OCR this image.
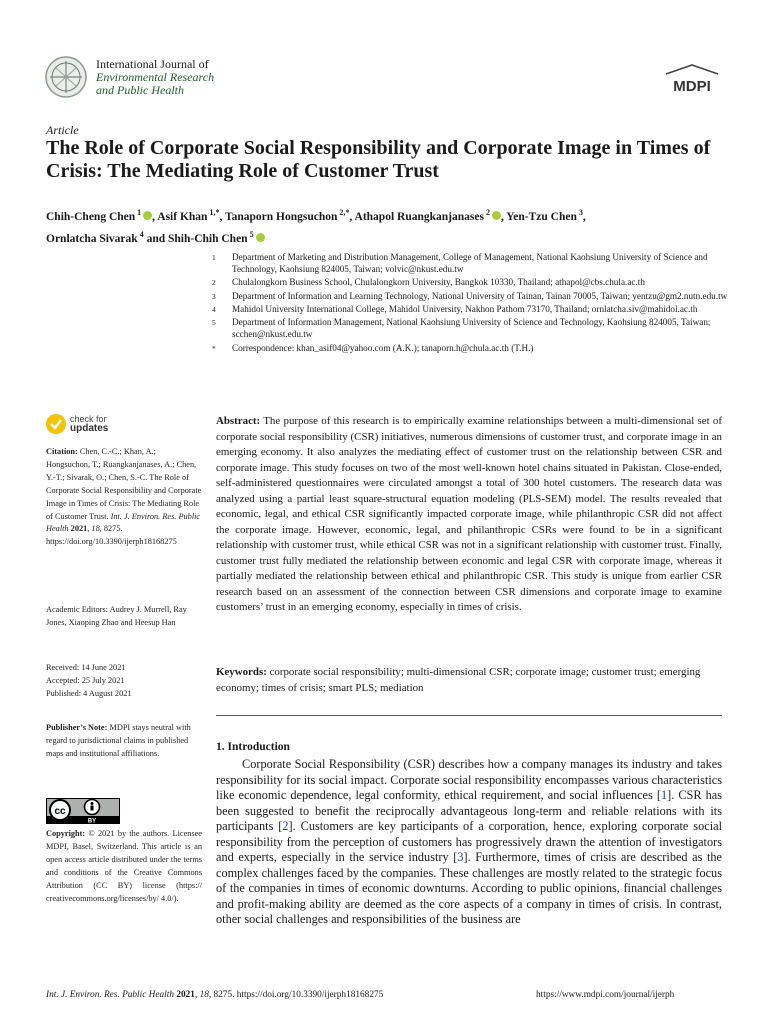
International Journal of
Environmental Research
and Public Health	MDPI
Article
The Role of Corporate Social Responsibility and Corporate Image in Times of Crisis: The Mediating Role of Customer Trust
Chih-Cheng Chen $^1$ , Asif Khan $^{1,*}$, Tanaporn Hongsuchon $^{2,*}$, Athapol Ruangkanjanases $^2$ , Yen-Tzu Chen $^3$,
Ornlatcha Sivarak $^4$ and Shih-Chih Chen $^5$
1	Department of Marketing and Distribution Management, College of Management, National Kaohsiung University of Science and Technology, Kaohsiung 824005, Taiwan; volvic@nkust.edu.tw
2	Chulalongkorn Business School, Chulalongkorn University, Bangkok 10330, Thailand; athapol@cbs.chula.ac.th
3	Department of Information and Learning Technology, National University of Tainan, Tainan 70005, Taiwan; yentzu@gm2.nutn.edu.tw
4	Mahidol University International College, Mahidol University, Nakhon Pathom 73170, Thailand; ornlatcha.siv@mahidol.ac.th
5	Department of Information Management, National Kaohsiung University of Science and Technology, Kaohsiung 824005, Taiwan; scchen@nkust.edu.tw
*	Correspondence: khan_asif04@yahoo.com (A.K.); tanaporn.h@chula.ac.th (T.H.)
check for
updates
Citation: Chen, C.-C.; Khan, A.; Hongsuchon, T.; Ruangkanjanases, A.; Chen, Y.-T.; Sivarak, O.; Chen, S.-C. The Role of Corporate Social Responsibility and Corporate Image in Times of Crisis: The Mediating Role of Customer Trust. Int. J. Environ. Res. Public Health 2021, 18, 8275. https://doi.org/10.3390/ijerph18168275
Academic Editors: Audrey J. Murrell, Ray Jones, Xiaoping Zhao and Heesup Han
Received: 14 June 2021
Accepted: 25 July 2021
Published: 4 August 2021
Publisher’s Note: MDPI stays neutral with regard to jurisdictional claims in published maps and institutional affiliations.
cc
BY
Copyright: © 2021 by the authors. Licensee MDPI, Basel, Switzerland. This article is an open access article distributed under the terms and conditions of the Creative Commons Attribution (CC BY) license (https:// creativecommons.org/licenses/by/ 4.0/).
Abstract: The purpose of this research is to empirically examine relationships between a multi-dimensional set of corporate social responsibility (CSR) initiatives, numerous dimensions of customer trust, and corporate image in an emerging economy. It also analyzes the mediating effect of customer trust on the relationship between CSR and corporate image. This study focuses on two of the most well-known hotel chains situated in Pakistan. Close-ended, self-administered questionnaires were circulated amongst a total of 300 hotel customers. The research data was analyzed using a partial least square-structural equation modeling (PLS-SEM) model. The results revealed that economic, legal, and ethical CSR significantly impacted corporate image, while philanthropic CSR did not affect the corporate image. However, economic, legal, and philanthropic CSRs were found to be in a significant relationship with customer trust, while ethical CSR was not in a significant relationship with customer trust. Finally, customer trust fully mediated the relationship between economic and legal CSR with corporate image, whereas it partially mediated the relationship between ethical and philanthropic CSR. This study is unique from earlier CSR research based on an assessment of the connection between CSR dimensions and corporate image to examine customers’ trust in an emerging economy, especially in times of crisis.
Keywords: corporate social responsibility; multi-dimensional CSR; corporate image; customer trust; emerging economy; times of crisis; smart PLS; mediation
1. Introduction
Corporate Social Responsibility (CSR) describes how a company manages its industry and takes responsibility for its social impact. Corporate social responsibility encompasses various characteristics like economic dependence, legal conformity, ethical requirement, and social influences [1]. CSR has been suggested to benefit the reciprocally advantageous long-term and reliable relations with its participants [2]. Customers are key participants of a corporation, hence, exploring corporate social responsibility from the perception of customers has progressively drawn the attention of investigators and experts, especially in the service industry [3]. Furthermore, times of crisis are described as the complex challenges faced by the companies. These challenges are mostly related to the strategic focus of the companies in times of economic downturns. According to public opinions, financial challenges and profit-making ability are deemed as the core aspects of a company in times of crisis. In contrast, other social challenges and responsibilities of the business are
Int. J. Environ. Res. Public Health 2021, 18, 8275. https://doi.org/10.3390/ijerph18168275	https://www.mdpi.com/journal/ijerph
